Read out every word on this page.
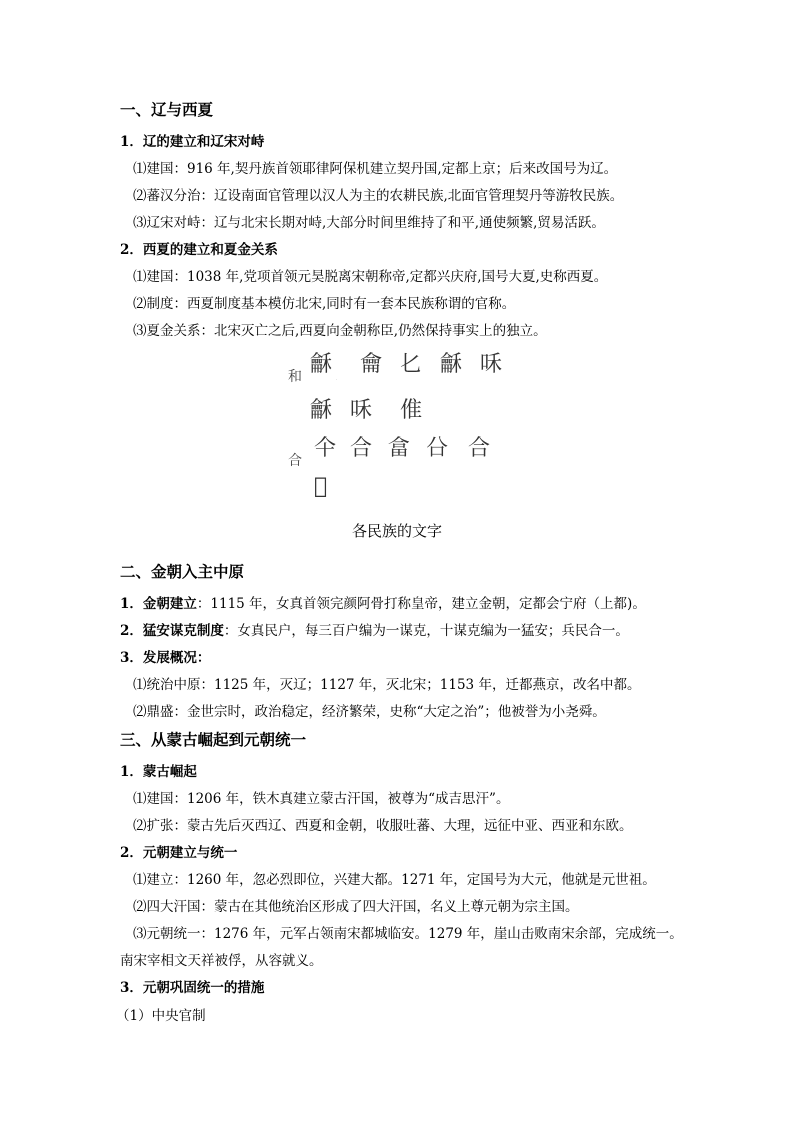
一、辽与西夏
1．辽的建立和辽宋对峙
⑴建国：916 年,契丹族首领耶律阿保机建立契丹国,定都上京；后来改国号为辽。
⑵蕃汉分治：辽设南面官管理以汉人为主的农耕民族,北面官管理契丹等游牧民族。
⑶辽宋对峙：辽与北宋长期对峙,大部分时间里维持了和平,通使频繁,贸易活跃。
2．西夏的建立和夏金关系
⑴建国：1038 年,党项首领元昊脱离宋朝称帝,定都兴庆府,国号大夏,史称西夏。
⑵制度：西夏制度基本模仿北宋,同时有一套本民族称谓的官称。
⑶夏金关系：北宋灭亡之后,西夏向金朝称臣,仍然保持事实上的独立。
和 龢
·
龠 𠤎 龢 咊
龢 咊 倠
合 仐 合 畣 㕣 合
𢈪
各民族的文字
二、金朝入主中原
1．金朝建立：1115 年，女真首领完颜阿骨打称皇帝，建立金朝，定都会宁府（上都)。
2．猛安谋克制度：女真民户，每三百户编为一谋克，十谋克编为一猛安；兵民合一。
3．发展概况：
⑴统治中原：1125 年，灭辽；1127 年，灭北宋；1153 年，迁都燕京，改名中都。
⑵鼎盛：金世宗时，政治稳定，经济繁荣，史称“大定之治”；他被誉为小尧舜。
三、从蒙古崛起到元朝统一
1．蒙古崛起
⑴建国：1206 年，铁木真建立蒙古汗国，被尊为“成吉思汗”。
⑵扩张：蒙古先后灭西辽、西夏和金朝，收服吐蕃、大理，远征中亚、西亚和东欧。
2．元朝建立与统一
⑴建立：1260 年，忽必烈即位，兴建大都。1271 年，定国号为大元，他就是元世祖。
⑵四大汗国：蒙古在其他统治区形成了四大汗国，名义上尊元朝为宗主国。
⑶元朝统一：1276 年，元军占领南宋都城临安。1279 年，崖山击败南宋余部，完成统一。
南宋宰相文天祥被俘，从容就义。
3．元朝巩固统一的措施
（1）中央官制
